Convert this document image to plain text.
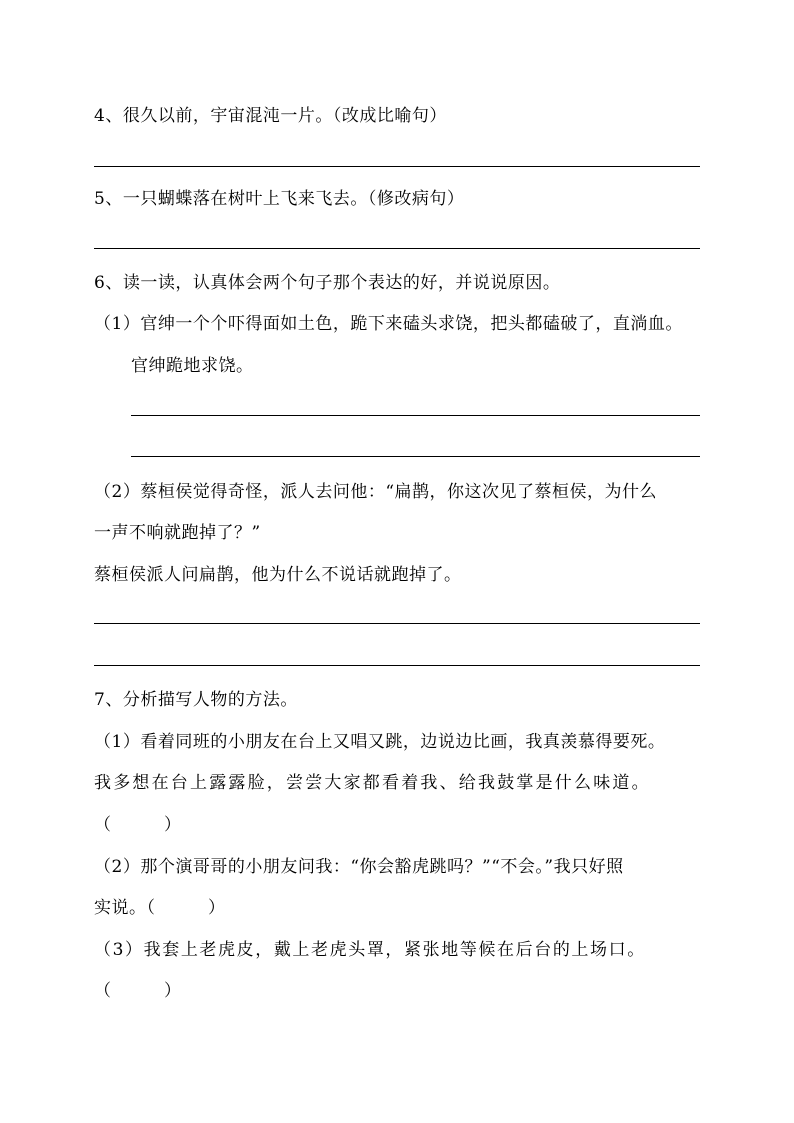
4、很久以前，宇宙混沌一片。（改成比喻句）
5、一只蝴蝶落在树叶上飞来飞去。（修改病句）
6、读一读，认真体会两个句子那个表达的好，并说说原因。
（1）官绅一个个吓得面如土色，跪下来磕头求饶，把头都磕破了，直淌血。
官绅跪地求饶。
（2）蔡桓侯觉得奇怪，派人去问他：“扁鹊，你这次见了蔡桓侯，为什么
一声不响就跑掉了？”
蔡桓侯派人问扁鹊，他为什么不说话就跑掉了。
7、分析描写人物的方法。
（1）看着同班的小朋友在台上又唱又跳，边说边比画，我真羡慕得要死。
我多想在台上露露脸，尝尝大家都看着我、给我鼓掌是什么味道。
（　　　）
（2）那个演哥哥的小朋友问我：“你会豁虎跳吗？”“不会。”我只好照
实说。（　　　）
（3）我套上老虎皮，戴上老虎头罩，紧张地等候在后台的上场口。
（　　　）
